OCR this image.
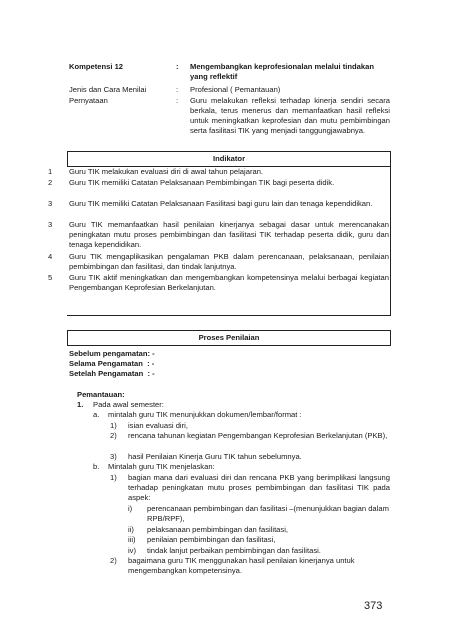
Kompetensi 12	: Mengembangkan keprofesionalan melalui tindakan yang reflektif
Jenis dan Cara Menilai	: Profesional ( Pemantauan)
Pernyataan	: Guru melakukan refleksi terhadap kinerja sendiri secara berkala, terus menerus dan memanfaatkan hasil refleksi untuk meningkatkan keprofesian dan mutu pembimbingan serta fasilitasi TIK yang menjadi tanggungjawabnya.
Indikator
1 Guru TIK melakukan evaluasi diri di awal tahun pelajaran.
2 Guru TIK memiliki Catatan Pelaksanaan Pembimbingan TIK bagi peserta didik.
3 Guru TIK memiliki Catatan Pelaksanaan Fasilitasi bagi guru lain dan tenaga kependidikan.
3 Guru TIK memanfaatkan hasil penilaian kinerjanya sebagai dasar untuk merencanakan peningkatan mutu proses pembimbingan dan fasilitasi TIK terhadap peserta didik, guru dan tenaga kependidikan.
4 Guru TIK mengaplikasikan pengalaman PKB dalam perencanaan, pelaksanaan, penilaian pembimbingan dan fasilitasi, dan tindak lanjutnya.
5 Guru TIK aktif meningkatkan dan mengembangkan kompetensinya melalui berbagai kegiatan Pengembangan Keprofesian Berkelanjutan.
Proses Penilaian
Sebelum pengamatan: -
Selama Pengamatan  : -
Setelah Pengamatan  : -
Pemantauan:
1. Pada awal semester:
a. mintalah guru TIK menunjukkan dokumen/lembar/format :
1) isian evaluasi diri,
2) rencana tahunan kegiatan Pengembangan Keprofesian Berkelanjutan (PKB),
3) hasil Penilaian Kinerja Guru TIK tahun sebelumnya.
b. Mintalah guru TIK menjelaskan:
1) bagian mana dari evaluasi diri dan rencana PKB yang berimplikasi langsung terhadap peningkatan mutu proses pembimbingan dan fasilitasi TIK pada aspek:
i) perencanaan pembimbingan dan fasilitasi –(menunjukkan bagian dalam RPB/RPF),
ii) pelaksanaan pembimbingan dan fasilitasi,
iii) penilaian pembimbingan dan fasilitasi,
iv) tindak lanjut perbaikan pembimbingan dan fasilitasi.
2) bagaimana guru TIK menggunakan hasil penilaian kinerjanya untuk mengembangkan kompetensinya.
373
